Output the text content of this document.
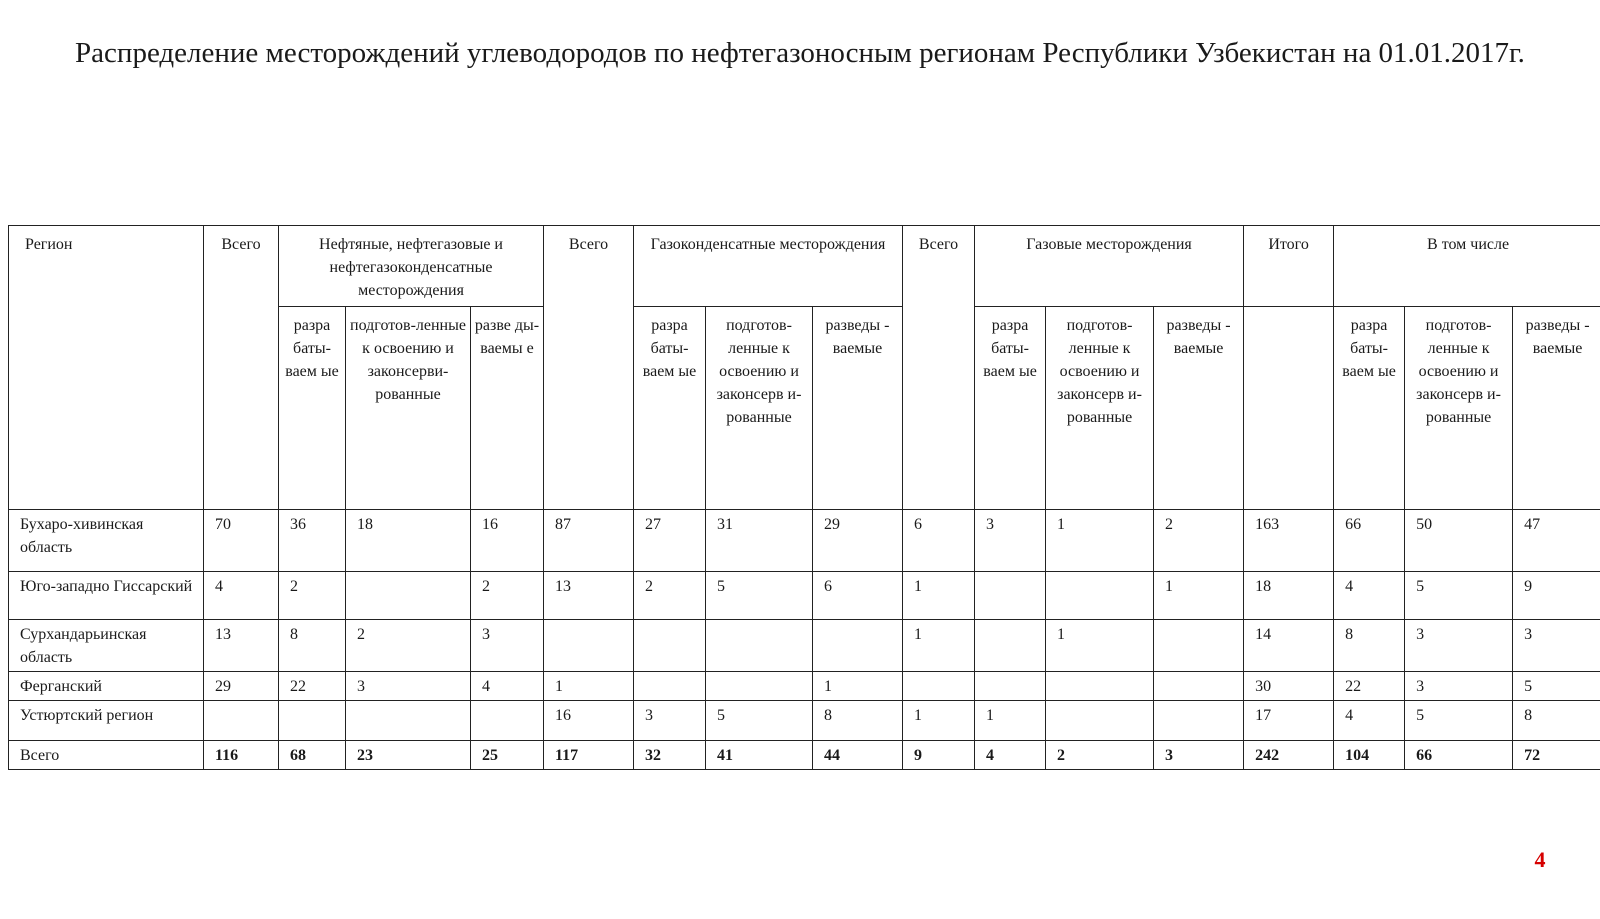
Распределение месторождений углеводородов по нефтегазоносным регионам Республики Узбекистан на 01.01.2017г.
Регион	Всего	Нефтяные, нефтегазовые и нефтегазоконденсатные месторождения			Всего	Газоконденсатные месторождения			Всего	Газовые месторождения			Итого	В том числе		
		разра баты-ваем ые	подготов-ленные к освоению и законсерви-рованные	разве ды-ваемы е		разра баты-ваем ые	подготов-ленные к освоению и законсерв и-рованные	разведы - ваемые		разра баты-ваем ые	подготов-ленные к освоению и законсерв и-рованные	разведы - ваемые		разра баты-ваем ые	подготов-ленные к освоению и законсерв и-рованные	разведы - ваемые
Бухаро-хивинская область	70	36	18	16	87	27	31	29	6	3	1	2	163	66	50	47
Юго-западно Гиссарский	4	2		2	13	2	5	6	1			1	18	4	5	9
Сурхандарьинская область	13	8	2	3					1		1		14	8	3	3
Ферганский	29	22	3	4	1			1					30	22	3	5
Устюртский регион					16	3	5	8	1	1			17	4	5	8
Всего	116	68	23	25	117	32	41	44	9	4	2	3	242	104	66	72
4
